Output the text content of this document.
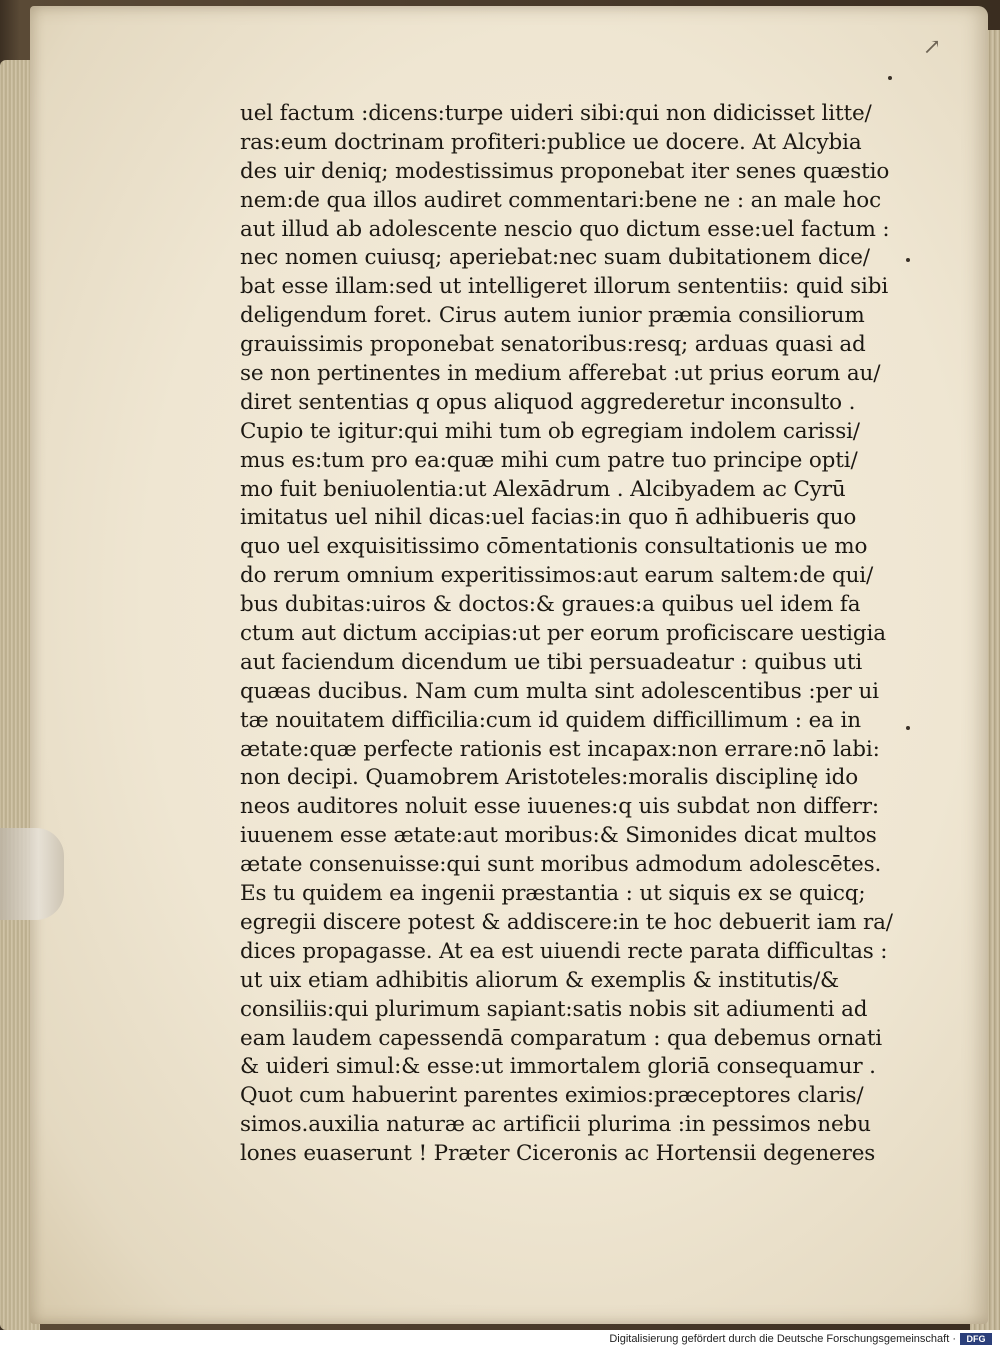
↗
uel factum :dicens:turpe uideri sibi:qui non didicisset litte/
ras:eum doctrinam profiteri:publice ue docere. At Alcybia
des uir deniq; modestissimus proponebat iter senes quæstio
nem:de qua illos audiret commentari:bene ne : an male hoc
aut illud ab adolescente nescio quo dictum esse:uel factum :
nec nomen cuiusq; aperiebat:nec suam dubitationem dice/
bat esse illam:sed ut intelligeret illorum sententiis: quid sibi
deligendum foret. Cirus autem iunior præmia consiliorum
grauissimis proponebat senatoribus:resq; arduas quasi ad
se non pertinentes in medium afferebat :ut prius eorum au/
diret sententias q opus aliquod aggrederetur inconsulto .
Cupio te igitur:qui mihi tum ob egregiam indolem carissi/
mus es:tum pro ea:quæ mihi cum patre tuo principe opti/
mo fuit beniuolentia:ut Alexādrum . Alcibyadem ac Cyrū
imitatus uel nihil dicas:uel facias:in quo n̄ adhibueris quo
quo uel exquisitissimo cōmentationis consultationis ue mo
do rerum omnium experitissimos:aut earum saltem:de qui/
bus dubitas:uiros & doctos:& graues:a quibus uel idem fa
ctum aut dictum accipias:ut per eorum proficiscare uestigia
aut faciendum dicendum ue tibi persuadeatur : quibus uti
quæas ducibus. Nam cum multa sint adolescentibus :per ui
tæ nouitatem difficilia:cum id quidem difficillimum : ea in
ætate:quæ perfecte rationis est incapax:non errare:nō labi:
non decipi. Quamobrem Aristoteles:moralis disciplinę ido
neos auditores noluit esse iuuenes:q uis subdat non differr:
iuuenem esse ætate:aut moribus:& Simonides dicat multos
ætate consenuisse:qui sunt moribus admodum adolescētes.
Es tu quidem ea ingenii præstantia : ut siquis ex se quicq;
egregii discere potest & addiscere:in te hoc debuerit iam ra/
dices propagasse. At ea est uiuendi recte parata difficultas :
ut uix etiam adhibitis aliorum & exemplis & institutis/&
consiliis:qui plurimum sapiant:satis nobis sit adiumenti ad
eam laudem capessendā comparatum : qua debemus ornati
& uideri simul:& esse:ut immortalem gloriā consequamur .
Quot cum habuerint parentes eximios:præceptores claris/
simos.auxilia naturæ ac artificii plurima :in pessimos nebu
lones euaserunt ! Præter Ciceronis ac Hortensii degeneres
Digitalisierung gefördert durch die Deutsche Forschungsgemeinschaft ·	DFG
